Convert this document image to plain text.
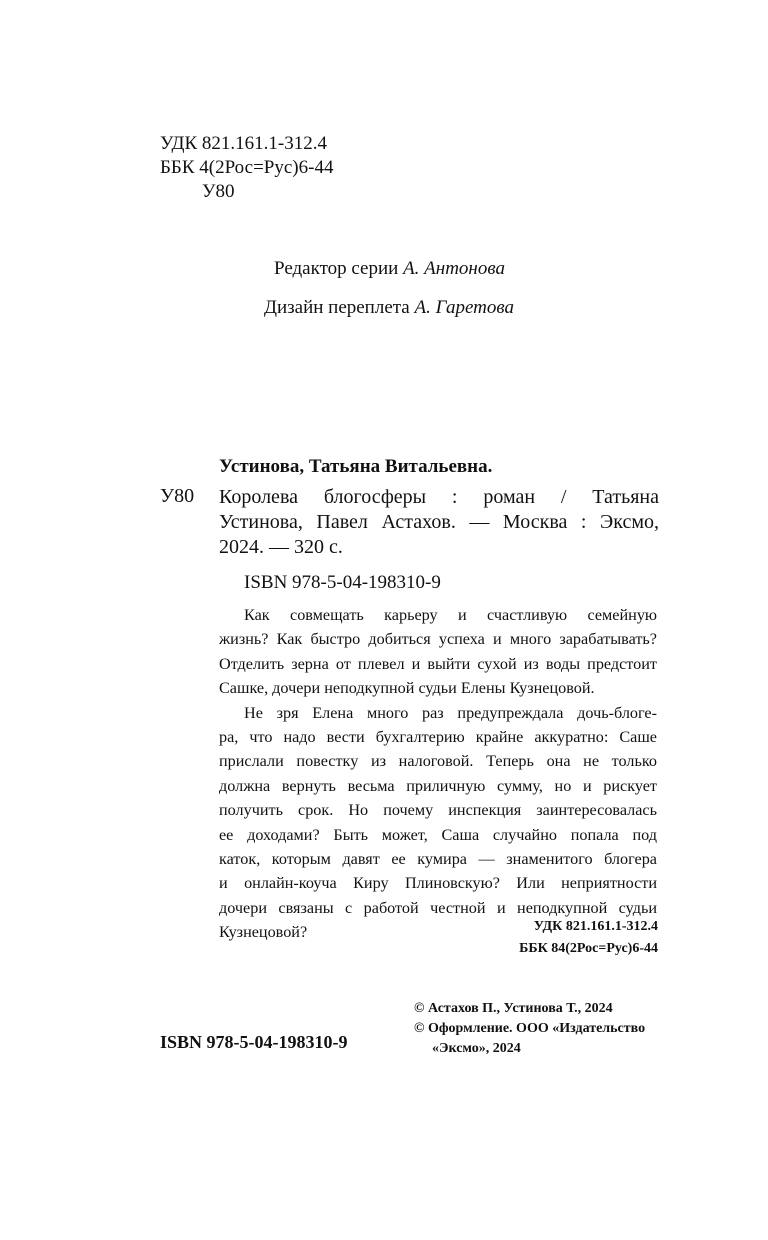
УДК 821.161.1-312.4
ББК 4(2Рос=Рус)6-44
У80
Редактор серии А. Антонова
Дизайн переплета А. Гаретова
Устинова, Татьяна Витальевна.
У80 Королева блогосферы : роман / Татьяна
Устинова, Павел Астахов. — Москва : Эксмо,
2024. — 320 с.
ISBN 978-5-04-198310-9
Как совмещать карьеру и счастливую семейную
жизнь? Как быстро добиться успеха и много зарабатывать?
Отделить зерна от плевел и выйти сухой из воды предстоит
Сашке, дочери неподкупной судьи Елены Кузнецовой.
Не зря Елена много раз предупреждала дочь-блоге-
ра, что надо вести бухгалтерию крайне аккуратно: Саше
прислали повестку из налоговой. Теперь она не только
должна вернуть весьма приличную сумму, но и рискует
получить срок. Но почему инспекция заинтересовалась
ее доходами? Быть может, Саша случайно попала под
каток, которым давят ее кумира — знаменитого блогера
и онлайн-коуча Киру Плиновскую? Или неприятности
дочери связаны с работой честной и неподкупной судьи
Кузнецовой?	УДК 821.161.1-312.4
ББК 84(2Рос=Рус)6-44
© Астахов П., Устинова Т., 2024
© Оформление. ООО «Издательство
«Эксмо», 2024
ISBN 978-5-04-198310-9
